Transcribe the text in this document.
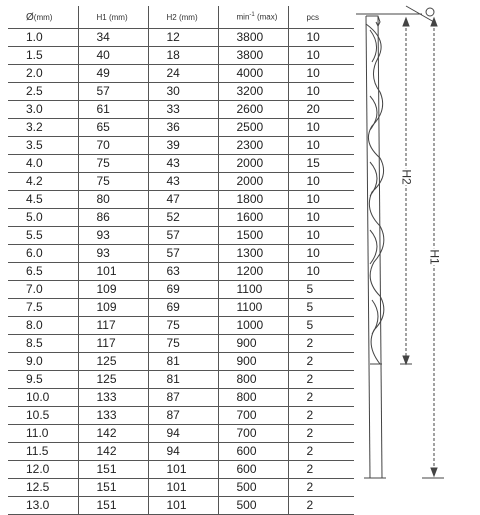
Ø(mm)	H1 (mm)	H2 (mm)	$\min^{-1} (\max)$	pcs
1.0	34	12	3800	10
1.5	40	18	3800	10
2.0	49	24	4000	10
2.5	57	30	3200	10
3.0	61	33	2600	20
3.2	65	36	2500	10
3.5	70	39	2300	10
4.0	75	43	2000	15
4.2	75	43	2000	10
4.5	80	47	1800	10
5.0	86	52	1600	10
5.5	93	57	1500	10
6.0	93	57	1300	10
6.5	101	63	1200	10
7.0	109	69	1100	5
7.5	109	69	1100	5
8.0	117	75	1000	5
8.5	117	75	900	2
9.0	125	81	900	2
9.5	125	81	800	2
10.0	133	87	800	2
10.5	133	87	700	2
11.0	142	94	700	2
11.5	142	94	600	2
12.0	151	101	600	2
12.5	151	101	500	2
13.0	151	101	500	2
H2
H1
